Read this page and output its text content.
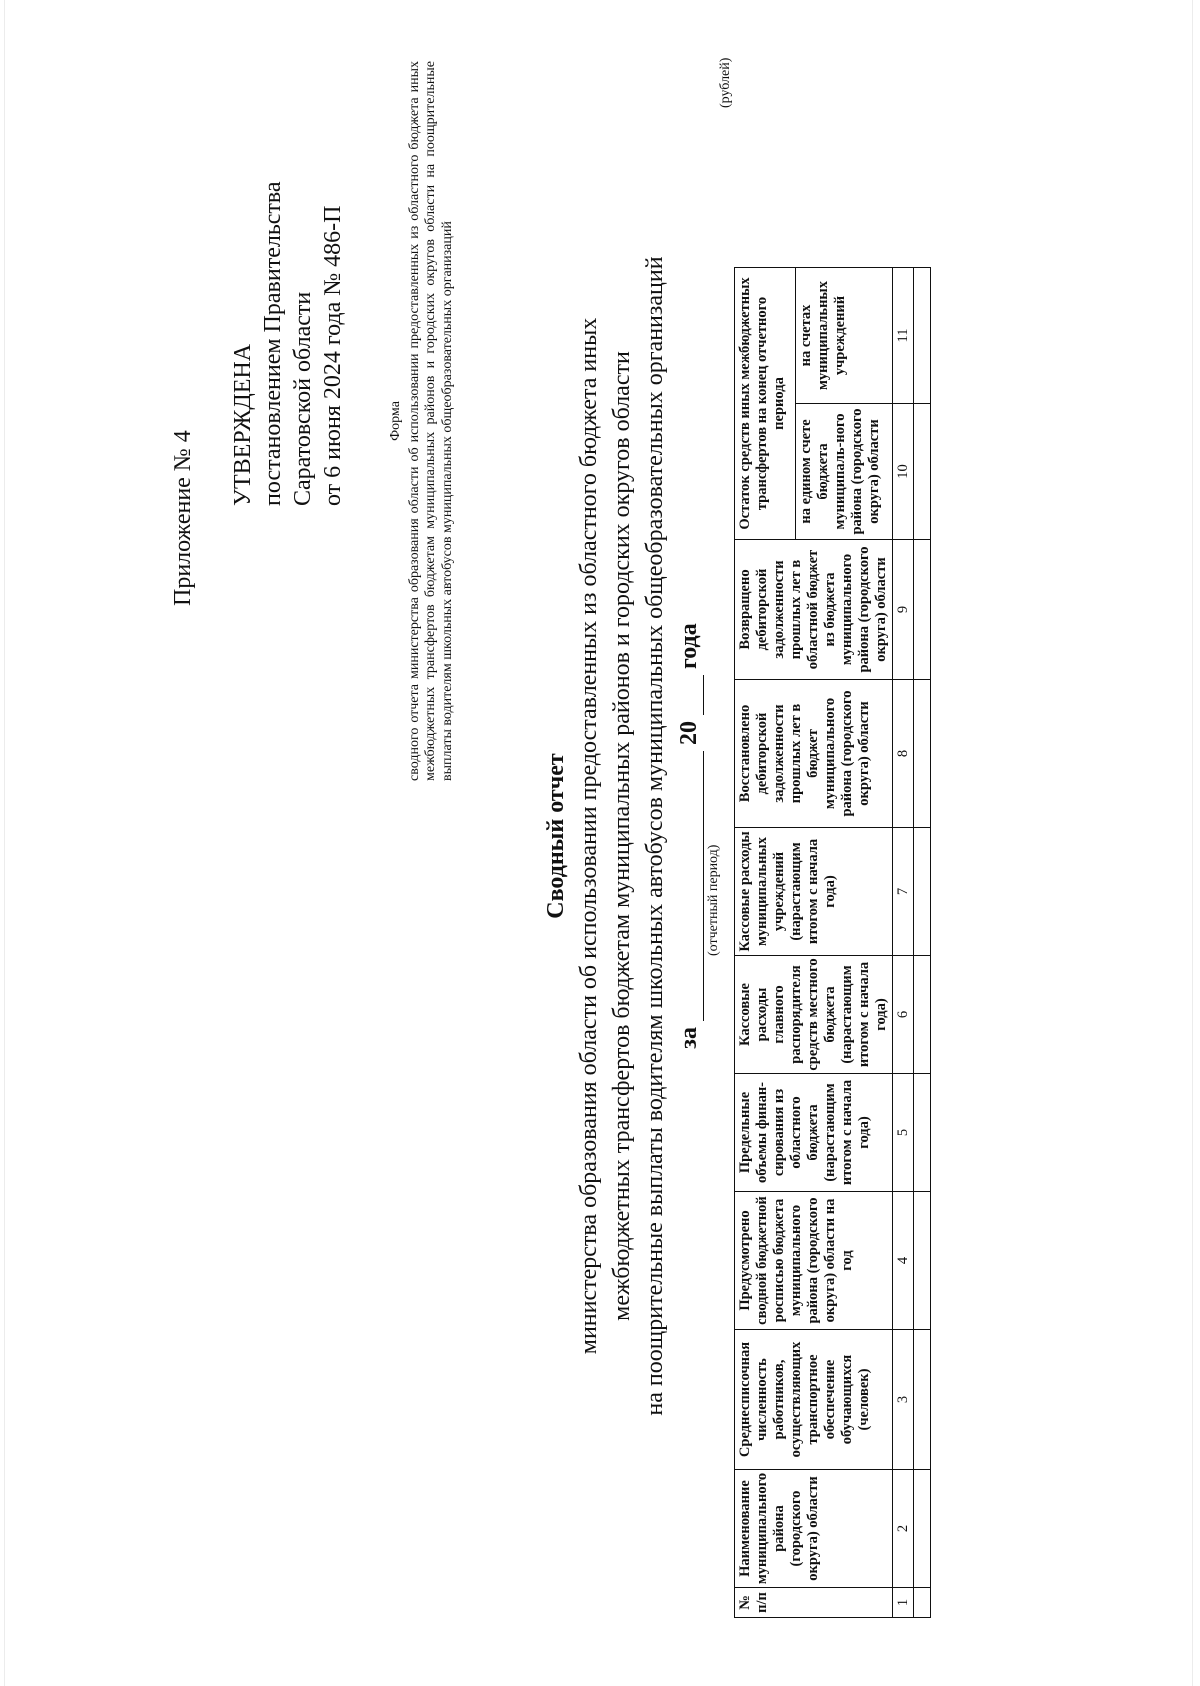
Приложение № 4
УТВЕРЖДЕНА постановлением Правительства Саратовской области от 6 июня 2024 года № 486-П	Форма сводного отчета министерства образования области об использовании предоставленных из областного бюджета иных межбюджетных трансфертов бюджетам муниципальных районов и городских округов области на поощрительные выплаты водителям школьных автобусов муниципальных общеобразовательных организаций
Сводный отчет министерства образования области об использовании предоставленных из областного бюджета иных межбюджетных трансфертов бюджетам муниципальных районов и городских округов области на поощрительные выплаты водителям школьных автобусов муниципальных общеобразовательных организаций за   20   года
(отчетный период)
(рублей)
№ п/п	Наименование муниципального района (городского округа) области	Среднесписочная численность работников, осуществляющих транспортное обеспечение обучающихся (человек)	Предусмотрено сводной бюджетной росписью бюджета муниципального района (городского округа) области на год	Предельные объемы финан-сирования из областного бюджета (нарастающим итогом с начала года)	Кассовые расходы главного распорядителя средств местного бюджета (нарастающим итогом с начала года)	Кассовые расходы муниципальных учреждений (нарастающим итогом с начала года)	Восстановлено дебиторской задолженности прошлых лет в бюджет муниципального района (городского округа) области	Возвращено дебиторской задолженности прошлых лет в областной бюджет из бюджета муниципального района (городского округа) области	Остаток средств иных межбюджетных трансфертов на конец отчетного периода		
									на едином счете бюджета муниципаль-ного района (городского округа) области	на счетах муниципальных учреждений	
1	2	3	4	5	6	7	8	9	10	11	
